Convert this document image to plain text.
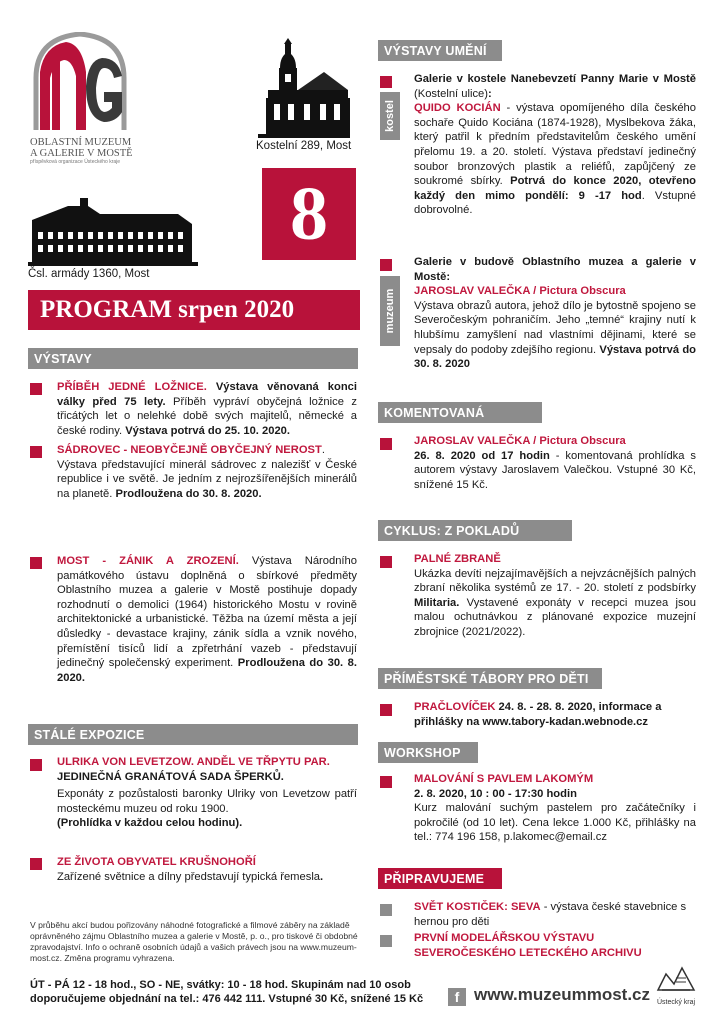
OBLASTNÍ MUZEUM
A GALERIE V MOSTĚ
příspěvková organizace Ústeckého kraje
Kostelní 289, Most
Čsl. armády 1360, Most
8
PROGRAM srpen 2020
VÝSTAVY
PŘÍBĚH JEDNÉ LOŽNICE. Výstava věnovaná konci války před 75 lety. Příběh vypráví obyčejná ložnice z třicátých let o nelehké době svých majitelů, německé a české rodiny. Výstava potrvá do 25. 10. 2020.
SÁDROVEC - NEOBYČEJNĚ OBYČEJNÝ NEROST.
Výstava představující minerál sádrovec z nalezišť v České republice i ve světě. Je jedním z nejrozšířenějších minerálů na planetě. Prodloužena do 30. 8. 2020.
MOST - ZÁNIK A ZROZENÍ. Výstava Národního památkového ústavu doplněná o sbírkové předměty Oblastního muzea a galerie v Mostě postihuje dopady rozhodnutí o demolici (1964) historického Mostu v rovině architektonické a urbanistické. Těžba na území města a její důsledky - devastace krajiny, zánik sídla a vznik nového, přemístění tisíců lidí a zpřetrhání vazeb - představují jedinečný společenský experiment. Prodloužena do 30. 8. 2020.
STÁLÉ EXPOZICE
ULRIKA VON LEVETZOW. ANDĚL VE TŘPYTU PAR.
JEDINEČNÁ GRANÁTOVÁ SADA ŠPERKŮ.
Exponáty z pozůstalosti baronky Ulriky von Levetzow patří mosteckému muzeu od roku 1900.
(Prohlídka v každou celou hodinu).
ZE ŽIVOTA OBYVATEL KRUŠNOHOŘÍ
Zařízené světnice a dílny představují typická řemesla.
V průběhu akcí budou pořizovány náhodné fotografické a filmové záběry na základě oprávněného zájmu Oblastního muzea a galerie v Mostě, p. o., pro tiskové či obdobné zpravodajství. Info o ochraně osobních údajů a vašich právech jsou na www.muzeum-most.cz. Změna programu vyhrazena.
ÚT - PÁ 12 - 18 hod., SO - NE, svátky: 10 - 18 hod. Skupinám nad 10 osob
doporučujeme objednání na tel.: 476 442 111. Vstupné 30 Kč, snížené 15 Kč	f www.muzeummost.cz Ústecký kraj
VÝSTAVY UMĚNÍ
kostel
Galerie v kostele Nanebevzetí Panny Marie v Mostě (Kostelní ulice):
QUIDO KOCIÁN - výstava opomíjeného díla českého sochaře Quido Kociána (1874-1928), Myslbekova žáka, který patřil k předním představitelům českého umění přelomu 19. a 20. století. Výstava představí jedinečný soubor bronzových plastik a reliéfů, zapůjčený ze soukromé sbírky. Potrvá do konce 2020, otevřeno každý den mimo pondělí: 9 -17 hod. Vstupné dobrovolné.
muzeum
Galerie v budově Oblastního muzea a galerie v Mostě:
JAROSLAV VALEČKA / Pictura Obscura
Výstava obrazů autora, jehož dílo je bytostně spojeno se Severočeským pohraničím. Jeho „temné“ krajiny nutí k hlubšímu zamyšlení nad vlastními dějinami, které se vepsaly do podoby zdejšího regionu. Výstava potrvá do 30. 8. 2020
KOMENTOVANÁ PROHLÍDKA
JAROSLAV VALEČKA / Pictura Obscura
26. 8. 2020 od 17 hodin - komentovaná prohlídka s autorem výstavy Jaroslavem Valečkou. Vstupné 30 Kč, snížené 15 Kč.
CYKLUS: Z POKLADŮ MUZEA
PALNÉ ZBRANĚ
Ukázka devíti nejzajímavějších a nejvzácnějších palných zbraní několika systémů ze 17. - 20. století z podsbírky Militaria. Vystavené exponáty v recepci muzea jsou malou ochutnávkou z plánované expozice muzejní zbrojnice (2021/2022).
PŘÍMĚSTSKÉ TÁBORY PRO DĚTI
PRAČLOVÍČEK 24. 8. - 28. 8. 2020, informace a přihlášky na www.tabory-kadan.webnode.cz
WORKSHOP
MALOVÁNÍ S PAVLEM LAKOMÝM
2. 8. 2020, 10 : 00 - 17:30 hodin
Kurz malování suchým pastelem pro začátečníky i pokročilé (od 10 let). Cena lekce 1.000 Kč, přihlášky na tel.: 774 196 158, p.lakomec@email.cz
PŘIPRAVUJEME
SVĚT KOSTIČEK: SEVA - výstava české stavebnice s hernou pro děti
PRVNÍ MODELÁŘSKOU VÝSTAVU SEVEROČESKÉHO LETECKÉHO ARCHIVU
